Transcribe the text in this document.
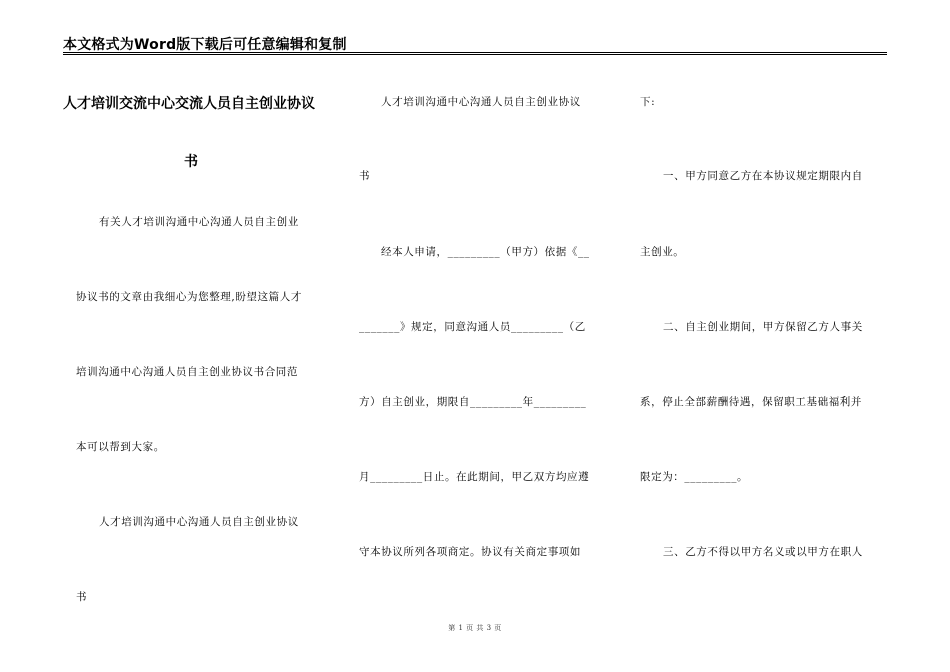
本文格式为Word版下载后可任意编辑和复制
人才培训交流中心交流人员自主创业协议
书
有关人才培训沟通中心沟通人员自主创业
协议书的文章由我细心为您整理,盼望这篇人才
培训沟通中心沟通人员自主创业协议书合同范
本可以帮到大家。
人才培训沟通中心沟通人员自主创业协议
书
人才培训沟通中心沟通人员自主创业协议
书
经本人申请，_________（甲方）依据《__
_______》规定，同意沟通人员_________（乙
方）自主创业，期限自_________年_________
月_________日止。在此期间，甲乙双方均应遵
守本协议所列各项商定。协议有关商定事项如
下:
一、甲方同意乙方在本协议规定期限内自
主创业。
二、自主创业期间，甲方保留乙方人事关
系，停止全部薪酬待遇，保留职工基础福利并
限定为：_________。
三、乙方不得以甲方名义或以甲方在职人
第 1 页 共 3 页
